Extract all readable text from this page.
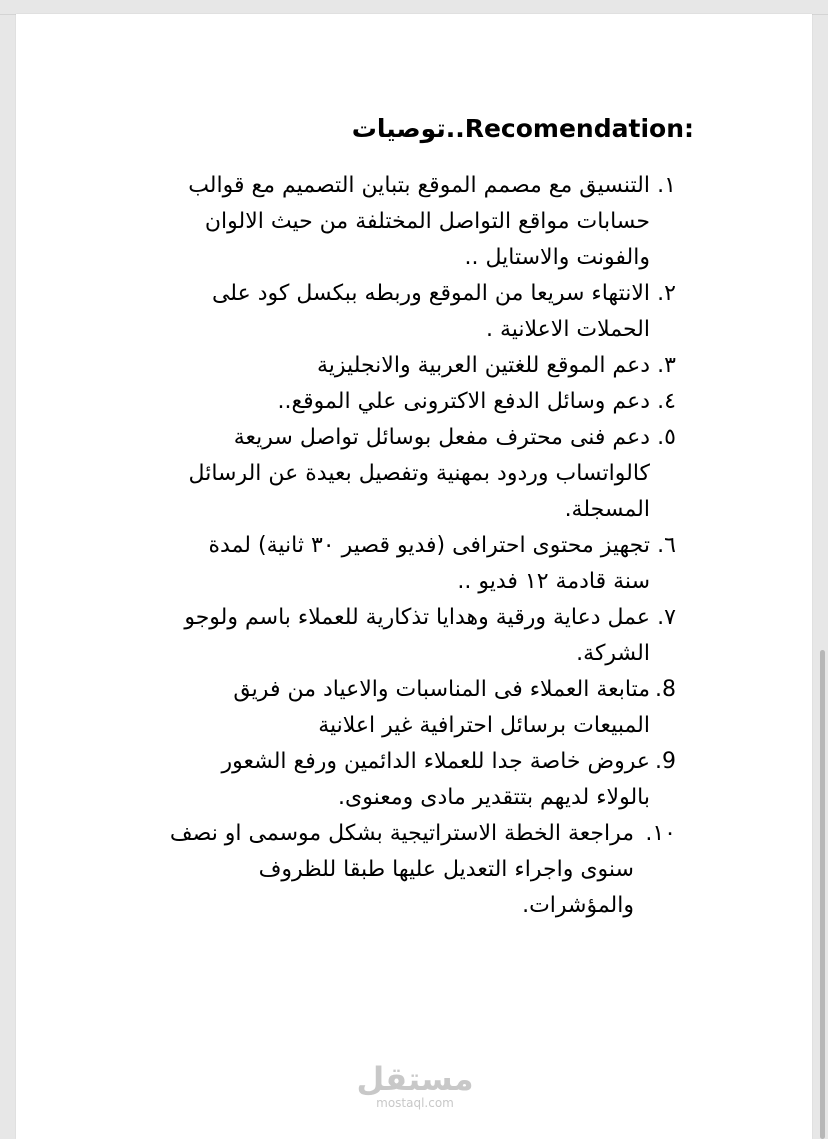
توصيات..Recomendation:
١.
التنسيق مع مصمم الموقع بتباين التصميم مع قوالب حسابات مواقع التواصل المختلفة من حيث الالوان والفونت والاستايل ..
٢.
الانتهاء سريعا من الموقع وربطه ببكسل كود على الحملات الاعلانية .
٣.
دعم الموقع للغتين العربية والانجليزية
٤.
دعم وسائل الدفع الاكترونى علي الموقع..
٥.
دعم فنى محترف مفعل بوسائل تواصل سريعة كالواتساب وردود بمهنية وتفصيل بعيدة عن الرسائل المسجلة.
٦.
تجهيز محتوى احترافى (فديو قصير ٣٠ ثانية) لمدة سنة قادمة ١٢ فديو ..
٧.
عمل دعاية ورقية وهدايا تذكارية للعملاء باسم ولوجو الشركة.
8.
متابعة العملاء فى المناسبات والاعياد من فريق المبيعات برسائل احترافية غير اعلانية
9.
عروض خاصة جدا للعملاء الدائمين ورفع الشعور بالولاء لديهم بتتقدير مادى ومعنوى.
١٠.
مراجعة الخطة الاستراتيجية بشكل موسمى او نصف سنوى واجراء التعديل عليها طبقا للظروف والمؤشرات.
مستقل
mostaql.com
